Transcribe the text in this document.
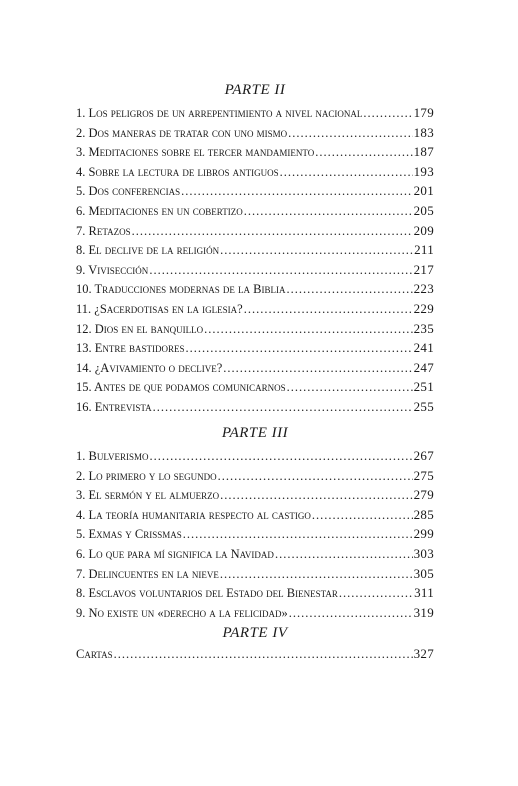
PARTE II
1. Los peligros de un arrepentimiento a nivel nacional .....	179
2. Dos maneras de tratar con uno mismo .....	183
3. Meditaciones sobre el tercer mandamiento .....	187
4. Sobre la lectura de libros antiguos .....	193
5. Dos conferencias .....	201
6. Meditaciones en un cobertizo .....	205
7. Retazos .....	209
8. El declive de la religión .....	211
9. Vivisección .....	217
10. Traducciones modernas de la Biblia .....	223
11. ¿Sacerdotisas en la iglesia? .....	229
12. Dios en el banquillo .....	235
13. Entre bastidores .....	241
14. ¿Avivamiento o declive? .....	247
15. Antes de que podamos comunicarnos .....	251
16. Entrevista .....	255
PARTE III
1. Bulverismo .....	267
2. Lo primero y lo segundo .....	275
3. El sermón y el almuerzo .....	279
4. La teoría humanitaria respecto al castigo .....	285
5. Exmas y Crissmas .....	299
6. Lo que para mí significa la Navidad .....	303
7. Delincuentes en la nieve .....	305
8. Esclavos voluntarios del Estado del Bienestar .....	311
9. No existe un «derecho a la felicidad» .....	319
PARTE IV
Cartas .....	327
